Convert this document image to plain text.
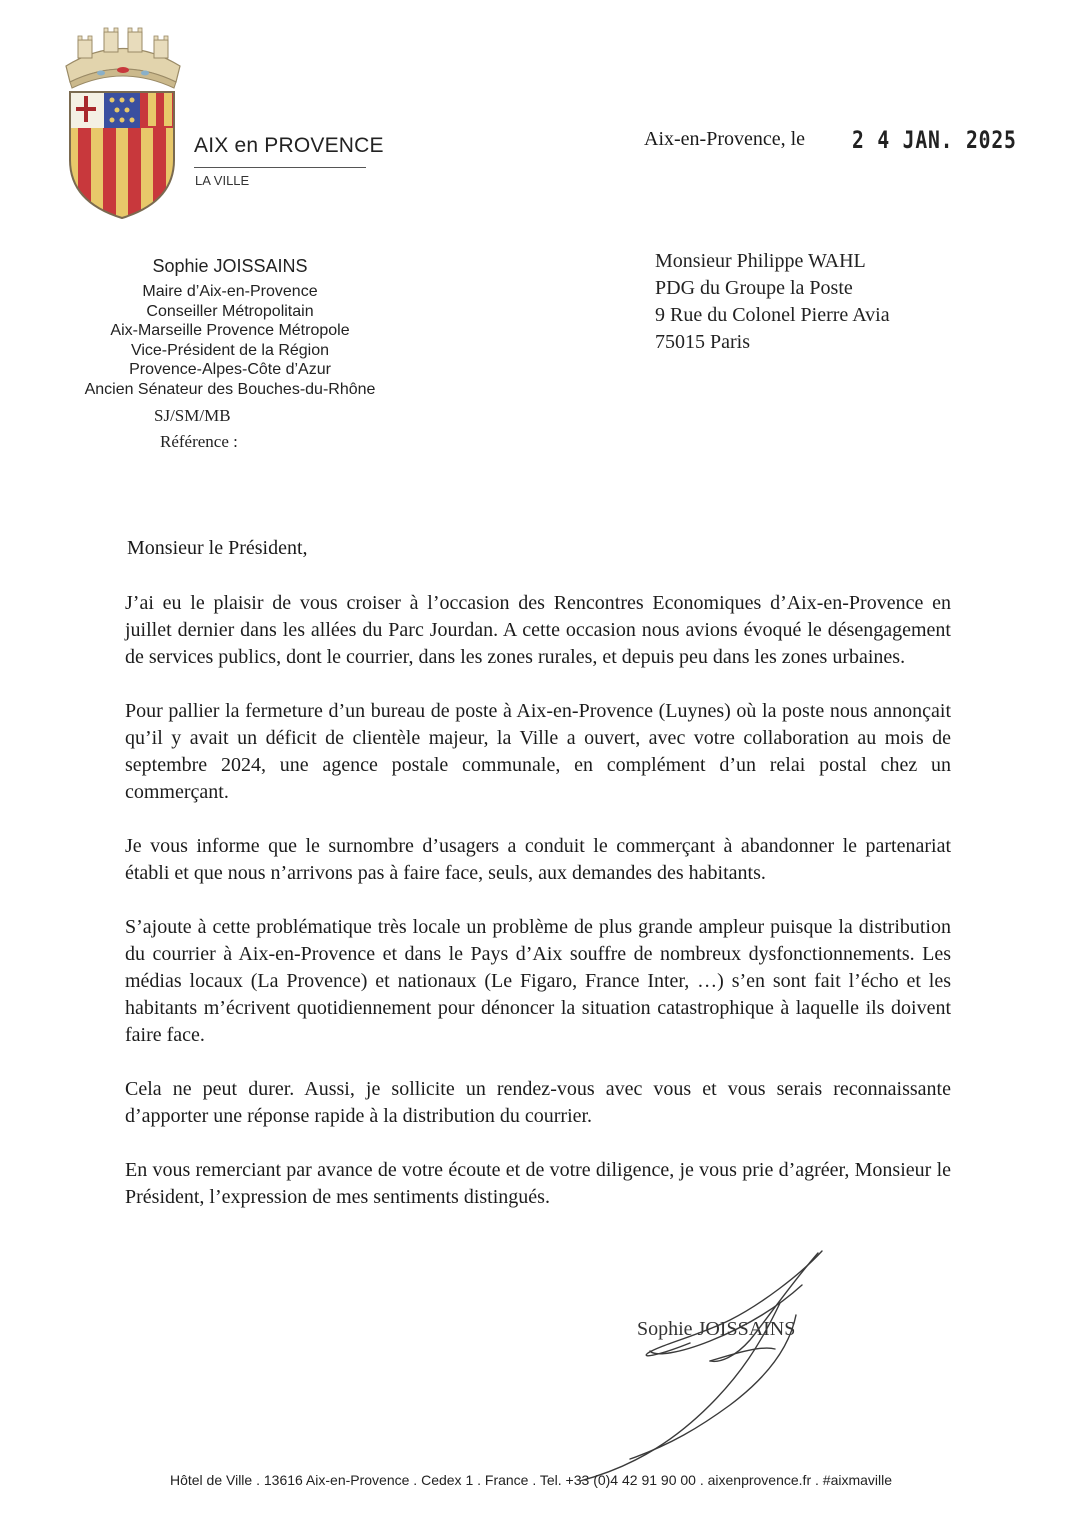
AIX en PROVENCE
LA VILLE
Aix-en-Provence, le 2 4 JAN. 2025
Sophie JOISSAINS
Maire d’Aix-en-Provence
Conseiller Métropolitain
Aix-Marseille Provence Métropole
Vice-Président de la Région
Provence-Alpes-Côte d’Azur
Ancien Sénateur des Bouches-du-Rhône
SJ/SM/MB
Référence :
Monsieur Philippe WAHL
PDG du Groupe la Poste
9 Rue du Colonel Pierre Avia
75015 Paris
Monsieur le Président,

J’ai eu le plaisir de vous croiser à l’occasion des Rencontres Economiques d’Aix-en-Provence en juillet dernier dans les allées du Parc Jourdan. A cette occasion nous avions évoqué le désengagement de services publics, dont le courrier, dans les zones rurales, et depuis peu dans les zones urbaines.

Pour pallier la fermeture d’un bureau de poste à Aix-en-Provence (Luynes) où la poste nous annonçait qu’il y avait un déficit de clientèle majeur, la Ville a ouvert, avec votre collaboration au mois de septembre 2024, une agence postale communale, en complément d’un relai postal chez un commerçant.

Je vous informe que le surnombre d’usagers a conduit le commerçant à abandonner le partenariat établi et que nous n’arrivons pas à faire face, seuls, aux demandes des habitants.

S’ajoute à cette problématique très locale un problème de plus grande ampleur puisque la distribution du courrier à Aix-en-Provence et dans le Pays d’Aix souffre de nombreux dysfonctionnements. Les médias locaux (La Provence) et nationaux (Le Figaro, France Inter, …) s’en sont fait l’écho et les habitants m’écrivent quotidiennement pour dénoncer la situation catastrophique à laquelle ils doivent faire face.

Cela ne peut durer. Aussi, je sollicite un rendez-vous avec vous et vous serais reconnaissante d’apporter une réponse rapide à la distribution du courrier.

En vous remerciant par avance de votre écoute et de votre diligence, je vous prie d’agréer, Monsieur le Président, l’expression de mes sentiments distingués.

Sophie JOISSAINS
Hôtel de Ville . 13616 Aix-en-Provence . Cedex 1 . France . Tel. +33 (0)4 42 91 90 00 . aixenprovence.fr . #aixmaville
